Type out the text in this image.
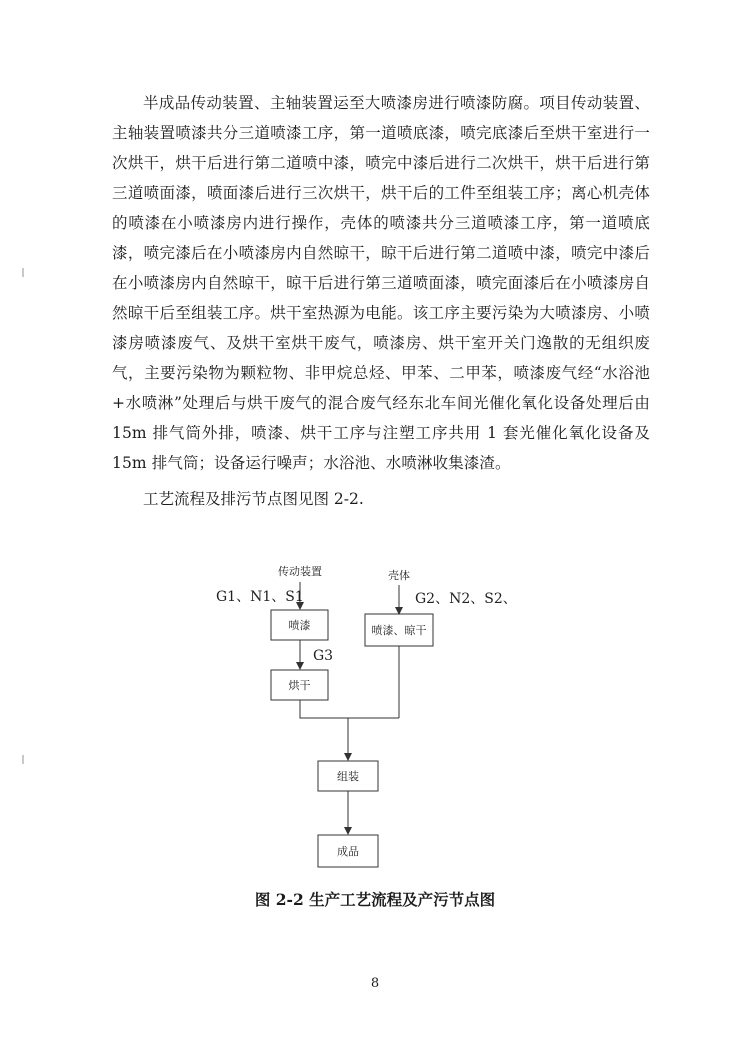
半成品传动装置、主轴装置运至大喷漆房进行喷漆防腐。项目传动装置、主轴装置喷漆共分三道喷漆工序，第一道喷底漆，喷完底漆后至烘干室进行一次烘干，烘干后进行第二道喷中漆，喷完中漆后进行二次烘干，烘干后进行第三道喷面漆，喷面漆后进行三次烘干，烘干后的工件至组装工序；离心机壳体的喷漆在小喷漆房内进行操作，壳体的喷漆共分三道喷漆工序，第一道喷底漆，喷完漆后在小喷漆房内自然晾干，晾干后进行第二道喷中漆，喷完中漆后在小喷漆房内自然晾干，晾干后进行第三道喷面漆，喷完面漆后在小喷漆房自然晾干后至组装工序。烘干室热源为电能。该工序主要污染为大喷漆房、小喷漆房喷漆废气、及烘干室烘干废气，喷漆房、烘干室开关门逸散的无组织废气，主要污染物为颗粒物、非甲烷总烃、甲苯、二甲苯，喷漆废气经“水浴池+水喷淋”处理后与烘干废气的混合废气经东北车间光催化氧化设备处理后由 15m 排气筒外排，喷漆、烘干工序与注塑工序共用 1 套光催化氧化设备及 15m 排气筒；设备运行噪声；水浴池、水喷淋收集漆渣。

工艺流程及排污节点图见图 2-2.

传动装置	壳体
G1、N1、S1	G2、N2、S2、
G3
喷漆	喷漆、晾干
烘干
组装
成品
图 2-2 生产工艺流程及产污节点图
8
